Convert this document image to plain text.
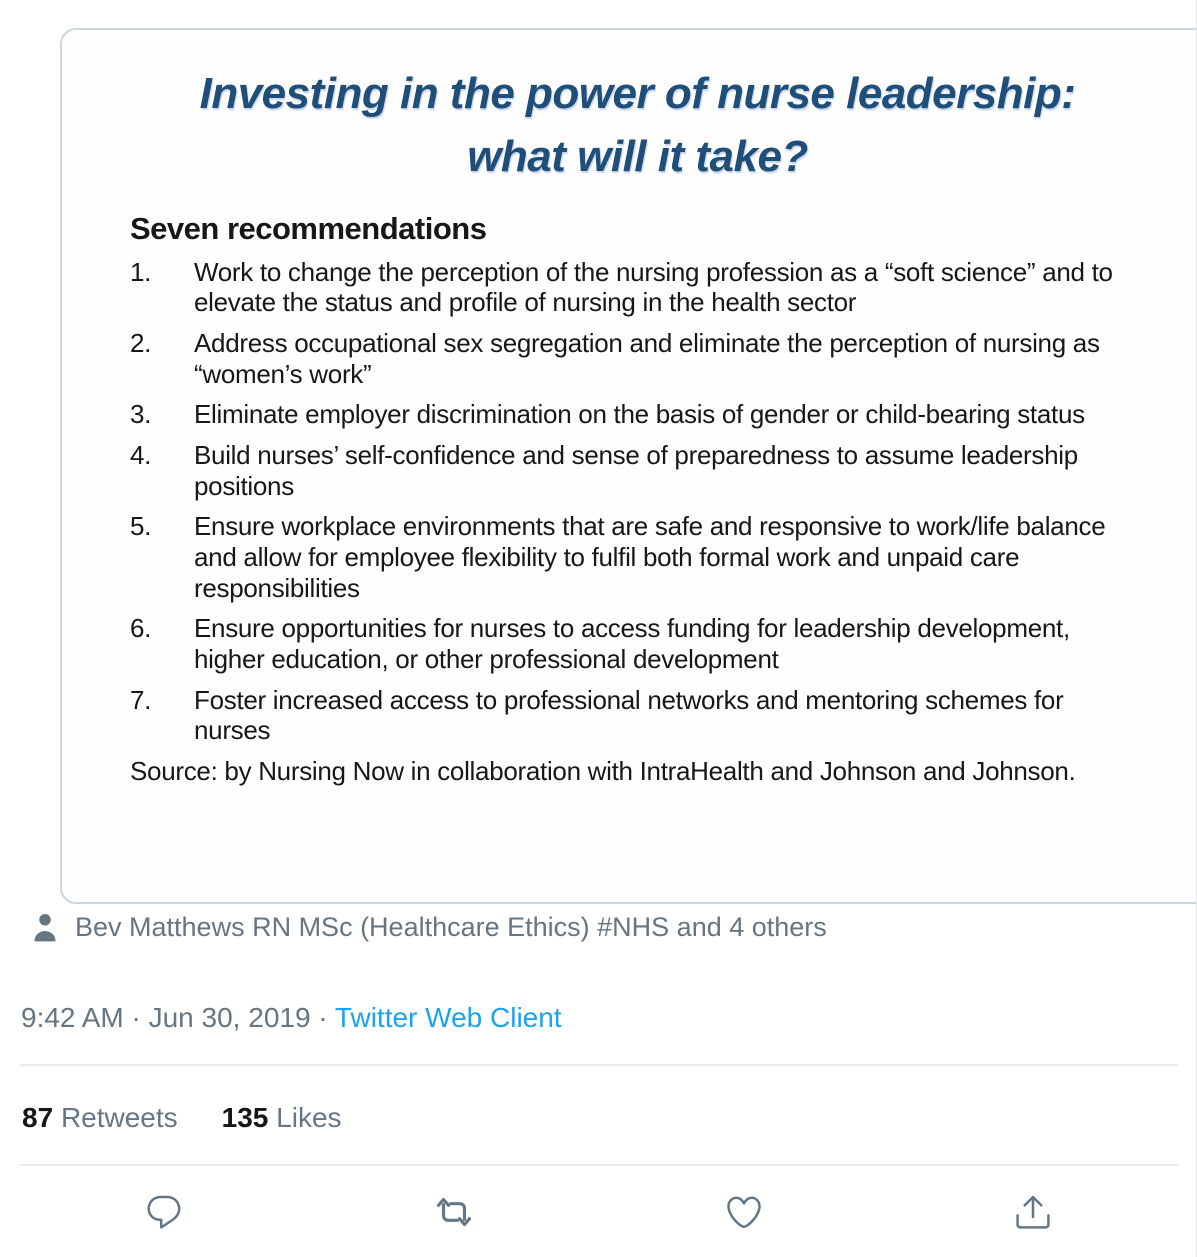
Investing in the power of nurse leadership:
what will it take?
Seven recommendations
1.	Work to change the perception of the nursing profession as a “soft science” and to elevate the status and profile of nursing in the health sector
2.	Address occupational sex segregation and eliminate the perception of nursing as “women’s work”
3.	Eliminate employer discrimination on the basis of gender or child-bearing status
4.	Build nurses’ self-confidence and sense of preparedness to assume leadership positions
5.	Ensure workplace environments that are safe and responsive to work/life balance and allow for employee flexibility to fulfil both formal work and unpaid care responsibilities
6.	Ensure opportunities for nurses to access funding for leadership development, higher education, or other professional development
7.	Foster increased access to professional networks and mentoring schemes for nurses

Source: by Nursing Now in collaboration with IntraHealth and Johnson and Johnson.

Bev Matthews RN MSc (Healthcare Ethics) #NHS and 4 others
9:42 AM · Jun 30, 2019 · Twitter Web Client
87 Retweets 135 Likes
